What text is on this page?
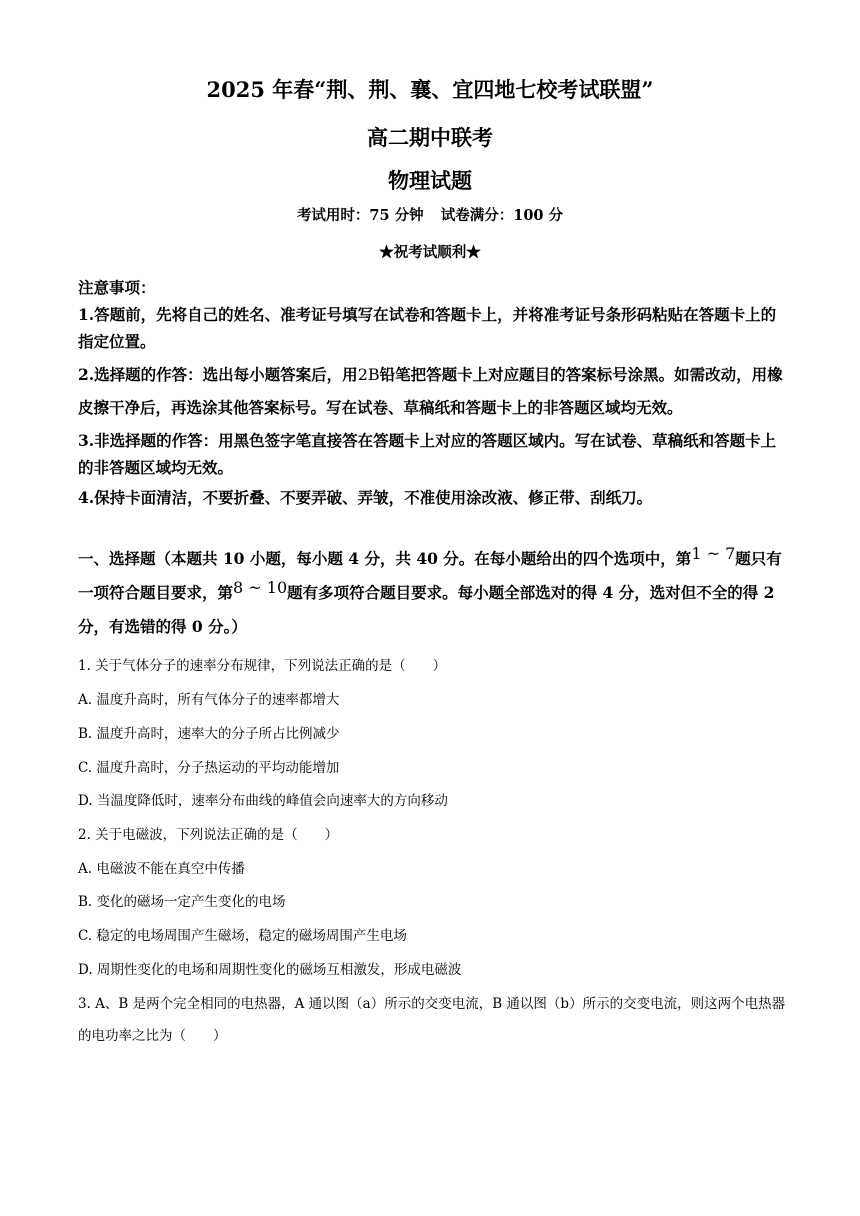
2025 年春“荆、荆、襄、宜四地七校考试联盟”
高二期中联考
物理试题
考试用时：75 分钟 试卷满分：100 分
★祝考试顺利★

注意事项：

1.答题前，先将自己的姓名、准考证号填写在试卷和答题卡上，并将准考证号条形码粘贴在答题卡上的指定位置。

2.选择题的作答：选出每小题答案后，用2B铅笔把答题卡上对应题目的答案标号涂黑。如需改动，用橡皮擦干净后，再选涂其他答案标号。写在试卷、草稿纸和答题卡上的非答题区域均无效。

3.非选择题的作答：用黑色签字笔直接答在答题卡上对应的答题区域内。写在试卷、草稿纸和答题卡上的非答题区域均无效。

4.保持卡面清洁，不要折叠、不要弄破、弄皱，不准使用涂改液、修正带、刮纸刀。

一、选择题（本题共 10 小题，每小题 4 分，共 40 分。在每小题给出的四个选项中，第1 ~ 7题只有一项符合题目要求，第8 ~ 10题有多项符合题目要求。每小题全部选对的得 4 分，选对但不全的得 2 分，有选错的得 0 分。）

1. 关于气体分子的速率分布规律，下列说法正确的是（　　）
A. 温度升高时，所有气体分子的速率都增大
B. 温度升高时，速率大的分子所占比例减少
C. 温度升高时，分子热运动的平均动能增加
D. 当温度降低时，速率分布曲线的峰值会向速率大的方向移动
2. 关于电磁波，下列说法正确的是（　　）
A. 电磁波不能在真空中传播
B. 变化的磁场一定产生变化的电场
C. 稳定的电场周围产生磁场，稳定的磁场周围产生电场
D. 周期性变化的电场和周期性变化的磁场互相激发，形成电磁波
3. A、B 是两个完全相同的电热器，A 通以图（a）所示的交变电流，B 通以图（b）所示的交变电流，则这两个电热器的电功率之比为（　　）
